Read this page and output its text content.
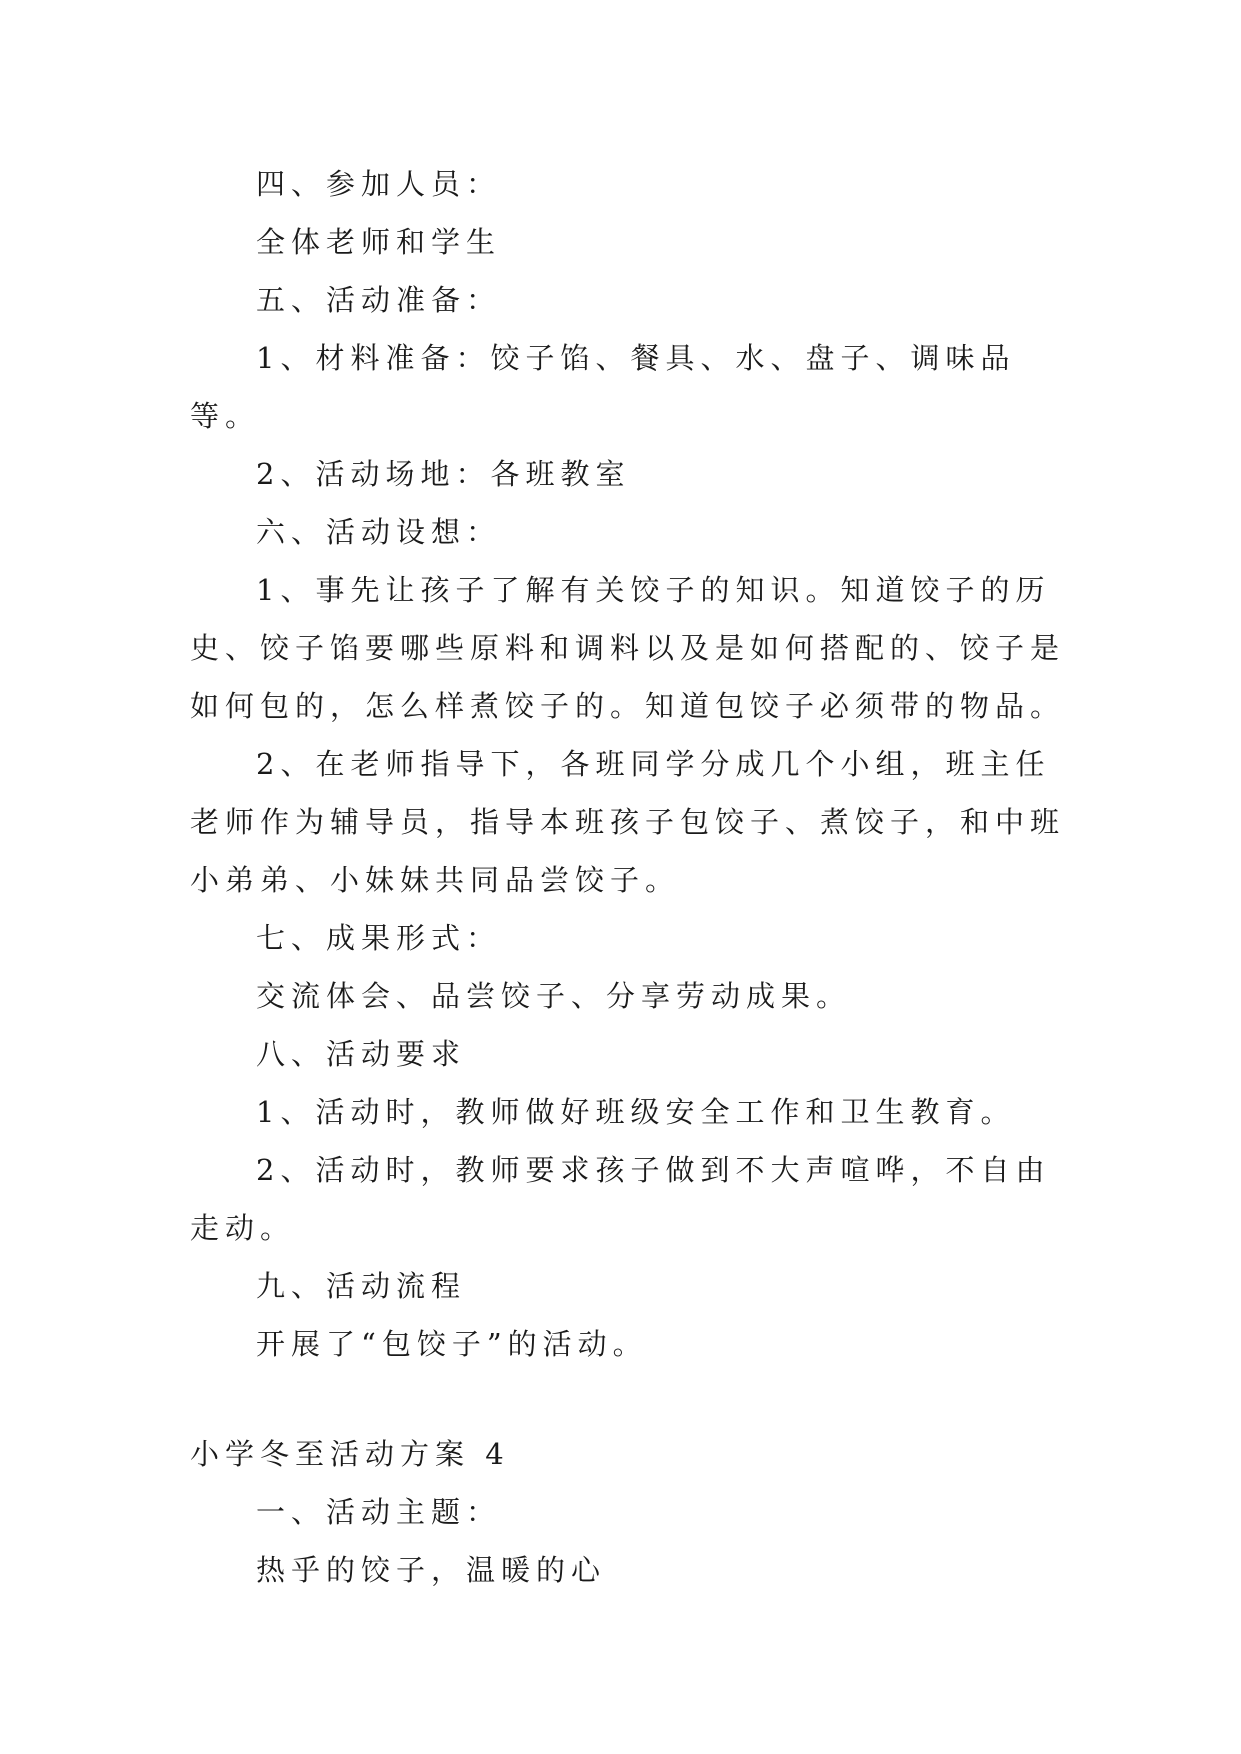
四、参加人员：

全体老师和学生

五、活动准备：

1、材料准备：饺子馅、餐具、水、盘子、调味品等。

2、活动场地：各班教室

六、活动设想：

1、事先让孩子了解有关饺子的知识。知道饺子的历史、饺子馅要哪些原料和调料以及是如何搭配的、饺子是如何包的，怎么样煮饺子的。知道包饺子必须带的物品。

2、在老师指导下，各班同学分成几个小组，班主任老师作为辅导员，指导本班孩子包饺子、煮饺子，和中班小弟弟、小妹妹共同品尝饺子。

七、成果形式：

交流体会、品尝饺子、分享劳动成果。

八、活动要求

1、活动时，教师做好班级安全工作和卫生教育。

2、活动时，教师要求孩子做到不大声喧哗，不自由走动。

九、活动流程

开展了“包饺子”的活动。

小学冬至活动方案 4

一、活动主题：

热乎的饺子，温暖的心
